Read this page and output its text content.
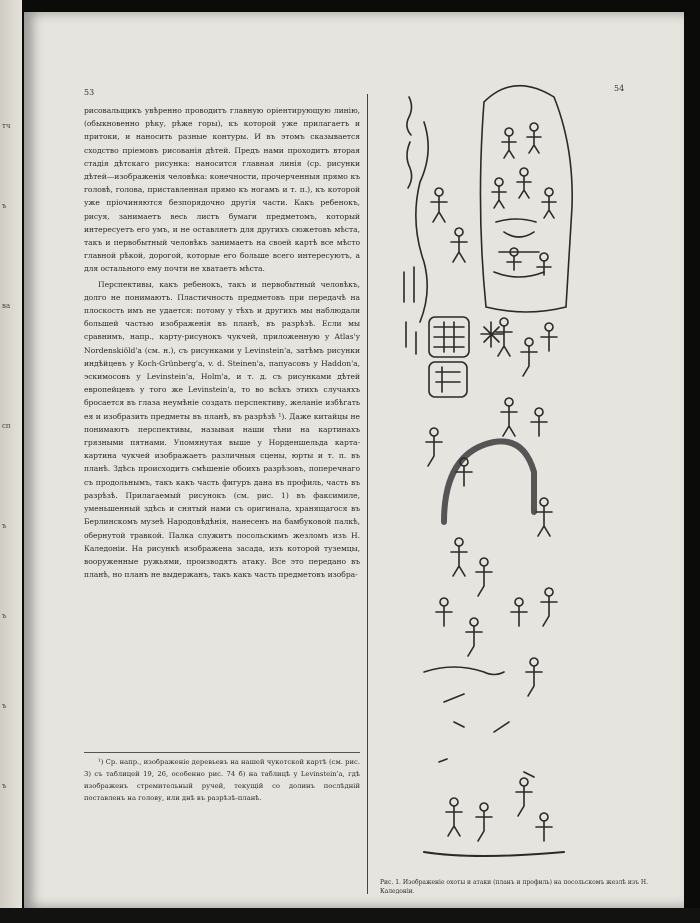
тч
ъ
ва
сп
ъ
ъ
ъ
ъ
53	54

рисовальщикъ увѣренно проводитъ главную оріентирующую линію, (обыкновенно рѣку, рѣже горы), къ которой уже прилагаетъ и притоки, и наносить разные контуры. И въ этомъ сказывается сходство пріемовъ рисованія дѣтей. Предъ нами проходитъ вторая стадія дѣтскаго рисунка: наносится главная линія (ср. рисунки дѣтей—изображенія человѣка: конечности, прочерченныя прямо къ головѣ, голова, приставленная прямо къ ногамъ и т. п.), къ которой уже пріочиняются безпорядочно другія части. Какъ ребенокъ, рисуя, занимаетъ весь листъ бумаги предметомъ, который интересуетъ его умъ, и не оставляетъ для другихъ сюжетовъ мѣста, такъ и первобытный человѣкъ занимаетъ на своей картѣ все мѣсто главной рѣкой, дорогой, которые его больше всего интересуютъ, а для остального ему почти не хватаетъ мѣста.

Перспективы, какъ ребенокъ, такъ и первобытный человѣкъ, долго не понимаютъ. Пластичность предметовъ при передачѣ на плоскость имъ не удается: потому у тѣхъ и другихъ мы наблюдали большей частью изображенія въ планѣ, въ разрѣзѣ. Если мы сравнимъ, напр., карту-рисунокъ чукчей, приложенную у Atlas'у Nordenskiöld'а (см. н.), съ рисунками у Levinstein'а, затѣмъ рисунки индѣйцевъ у Koch-Grünberg'а, v. d. Steinen'а, папуасовъ у Haddon'а, эскимосовъ у Levinstein'а, Holm'а, и т. д. съ рисунками дѣтей европейцевъ у того же Levinstein'а, то во всѣхъ этихъ случаяхъ бросается въ глаза неумѣніе создать перспективу, желаніе избѣгать ея и изобразить предметы въ планѣ, въ разрѣзѣ ¹). Даже китайцы не понимаютъ перспективы, называя наши тѣни на картинахъ грязными пятнами. Упомянутая выше у Норденшельда карта-картина чукчей изображаетъ различныя сцены, юрты и т. п. въ планѣ. Здѣсь происходитъ смѣшеніе обоихъ разрѣзовъ, поперечнаго съ продольнымъ, такъ какъ часть фигуръ дана въ профиль, часть въ разрѣзѣ. Прилагаемый рисунокъ (см. рис. 1) въ факсимиле, уменьшенный здѣсь и снятый нами съ оригинала, хранящагося въ Берлинскомъ музеѣ Народовѣдѣнія, нанесенъ на бамбуковой палкѣ, обернутой травкой. Палка служитъ посольскимъ жезломъ изъ Н. Каледоніи. На рисункѣ изображена засада, изъ которой туземцы, вооруженные ружьями, производятъ атаку. Все это передано въ планѣ, но планъ не выдержанъ, такъ какъ часть предметовъ изобра-

¹) Ср. напр., изображеніе деревьевъ на нашей чукотской картѣ (см. рис. 3) съ таблицей 19, 26, особенно рис. 74 б) на таблицѣ у Levinstein'а, гдѣ изображенъ стремительный ручей, текущій со долинъ послѣдній поставленъ на голову, или днѣ въ разрѣзѣ-планѣ.

Рис. 1. Изображеніе охоты и атаки (планъ и профиль) на посольскомъ жезлѣ изъ Н. Каледоніи.
